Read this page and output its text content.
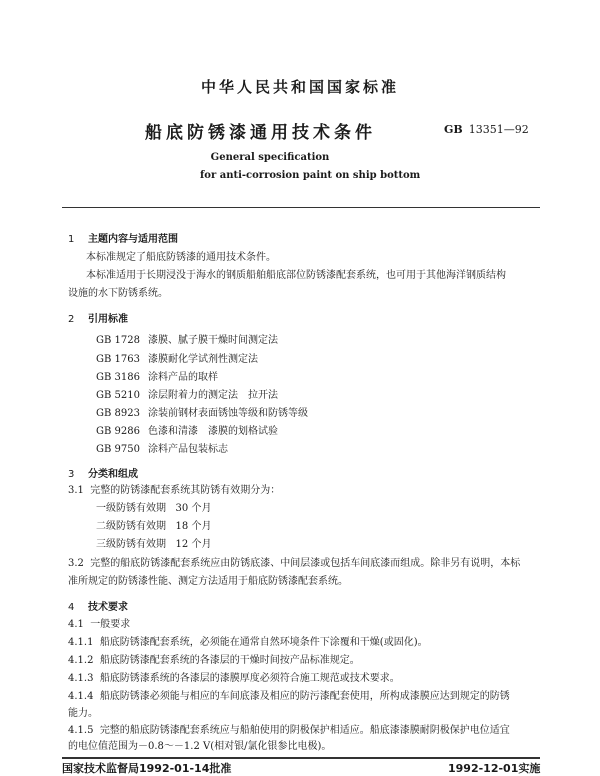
中华人民共和国国家标准
船底防锈漆通用技术条件	GB 13351—92
General specification
for anti-corrosion paint on ship bottom
1 主题内容与适用范围
本标准规定了船底防锈漆的通用技术条件。
本标准适用于长期浸没于海水的钢质船舶船底部位防锈漆配套系统，也可用于其他海洋钢质结构
设施的水下防锈系统。
2 引用标准
GB 1728 漆膜、腻子膜干燥时间测定法
GB 1763 漆膜耐化学试剂性测定法
GB 3186 涂料产品的取样
GB 5210 涂层附着力的测定法　拉开法
GB 8923 涂装前钢材表面锈蚀等级和防锈等级
GB 9286 色漆和清漆　漆膜的划格试验
GB 9750 涂料产品包装标志
3 分类和组成
3.1 完整的防锈漆配套系统其防锈有效期分为：
一级防锈有效期 30 个月
二级防锈有效期 18 个月
三级防锈有效期 12 个月
3.2 完整的船底防锈漆配套系统应由防锈底漆、中间层漆或包括车间底漆而组成。除非另有说明，本标
准所规定的防锈漆性能、测定方法适用于船底防锈漆配套系统。
4 技术要求
4.1 一般要求
4.1.1 船底防锈漆配套系统，必须能在通常自然环境条件下涂覆和干燥(或固化)。
4.1.2 船底防锈漆配套系统的各漆层的干燥时间按产品标准规定。
4.1.3 船底防锈漆系统的各漆层的漆膜厚度必须符合施工规范或技术要求。
4.1.4 船底防锈漆必须能与相应的车间底漆及相应的防污漆配套使用，所构成漆膜应达到规定的防锈
能力。
4.1.5 完整的船底防锈漆配套系统应与船舶使用的阴极保护相适应。船底漆漆膜耐阴极保护电位适宜
的电位值范围为－0.8～－1.2 V(相对银/氯化银参比电极)。
国家技术监督局1992-01-14批准	1992-12-01实施
